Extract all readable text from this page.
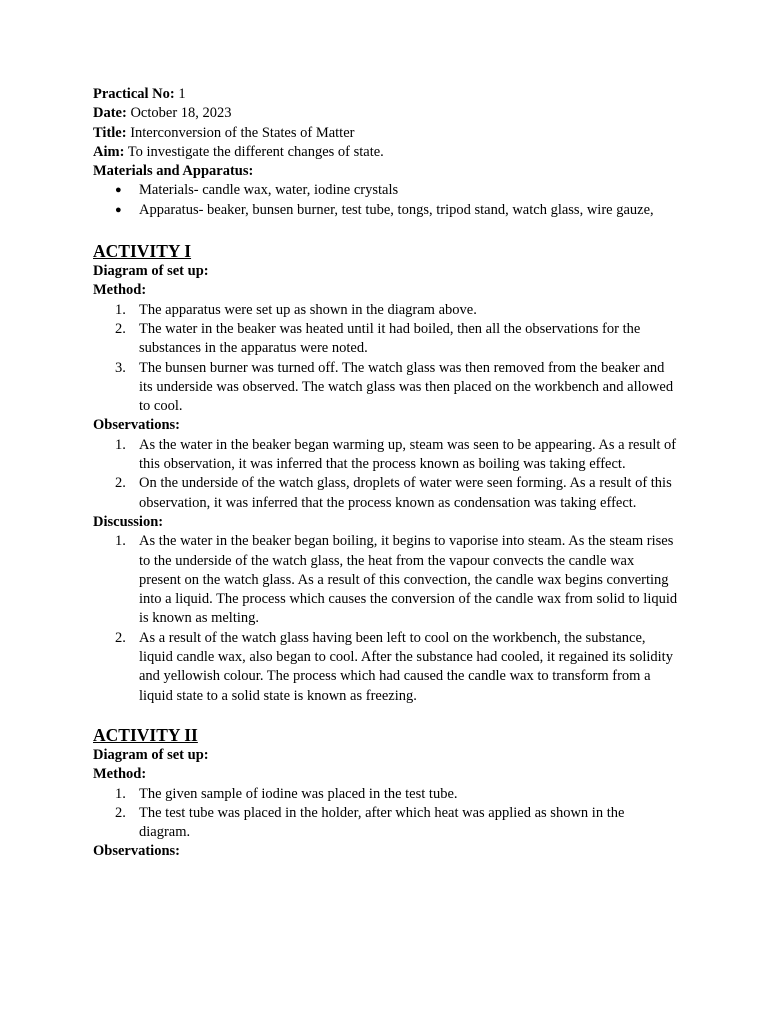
Practical No: 1

Date: October 18, 2023

Title: Interconversion of the States of Matter

Aim: To investigate the different changes of state.

Materials and Apparatus:

● Materials- candle wax, water, iodine crystals
● Apparatus- beaker, bunsen burner, test tube, tongs, tripod stand, watch glass, wire gauze,

ACTIVITY I

Diagram of set up:

Method:

1. The apparatus were set up as shown in the diagram above.
2. The water in the beaker was heated until it had boiled, then all the observations for the substances in the apparatus were noted.
3. The bunsen burner was turned off. The watch glass was then removed from the beaker and its underside was observed. The watch glass was then placed on the workbench and allowed to cool.

Observations:

1. As the water in the beaker began warming up, steam was seen to be appearing. As a result of this observation, it was inferred that the process known as boiling was taking effect.
2. On the underside of the watch glass, droplets of water were seen forming. As a result of this observation, it was inferred that the process known as condensation was taking effect.

Discussion:

1. As the water in the beaker began boiling, it begins to vaporise into steam. As the steam rises to the underside of the watch glass, the heat from the vapour convects the candle wax present on the watch glass. As a result of this convection, the candle wax begins converting into a liquid. The process which causes the conversion of the candle wax from solid to liquid is known as melting.
2. As a result of the watch glass having been left to cool on the workbench, the substance, liquid candle wax, also began to cool. After the substance had cooled, it regained its solidity and yellowish colour. The process which had caused the candle wax to transform from a liquid state to a solid state is known as freezing.

ACTIVITY II

Diagram of set up:

Method:

1. The given sample of iodine was placed in the test tube.
2. The test tube was placed in the holder, after which heat was applied as shown in the diagram.

Observations:
